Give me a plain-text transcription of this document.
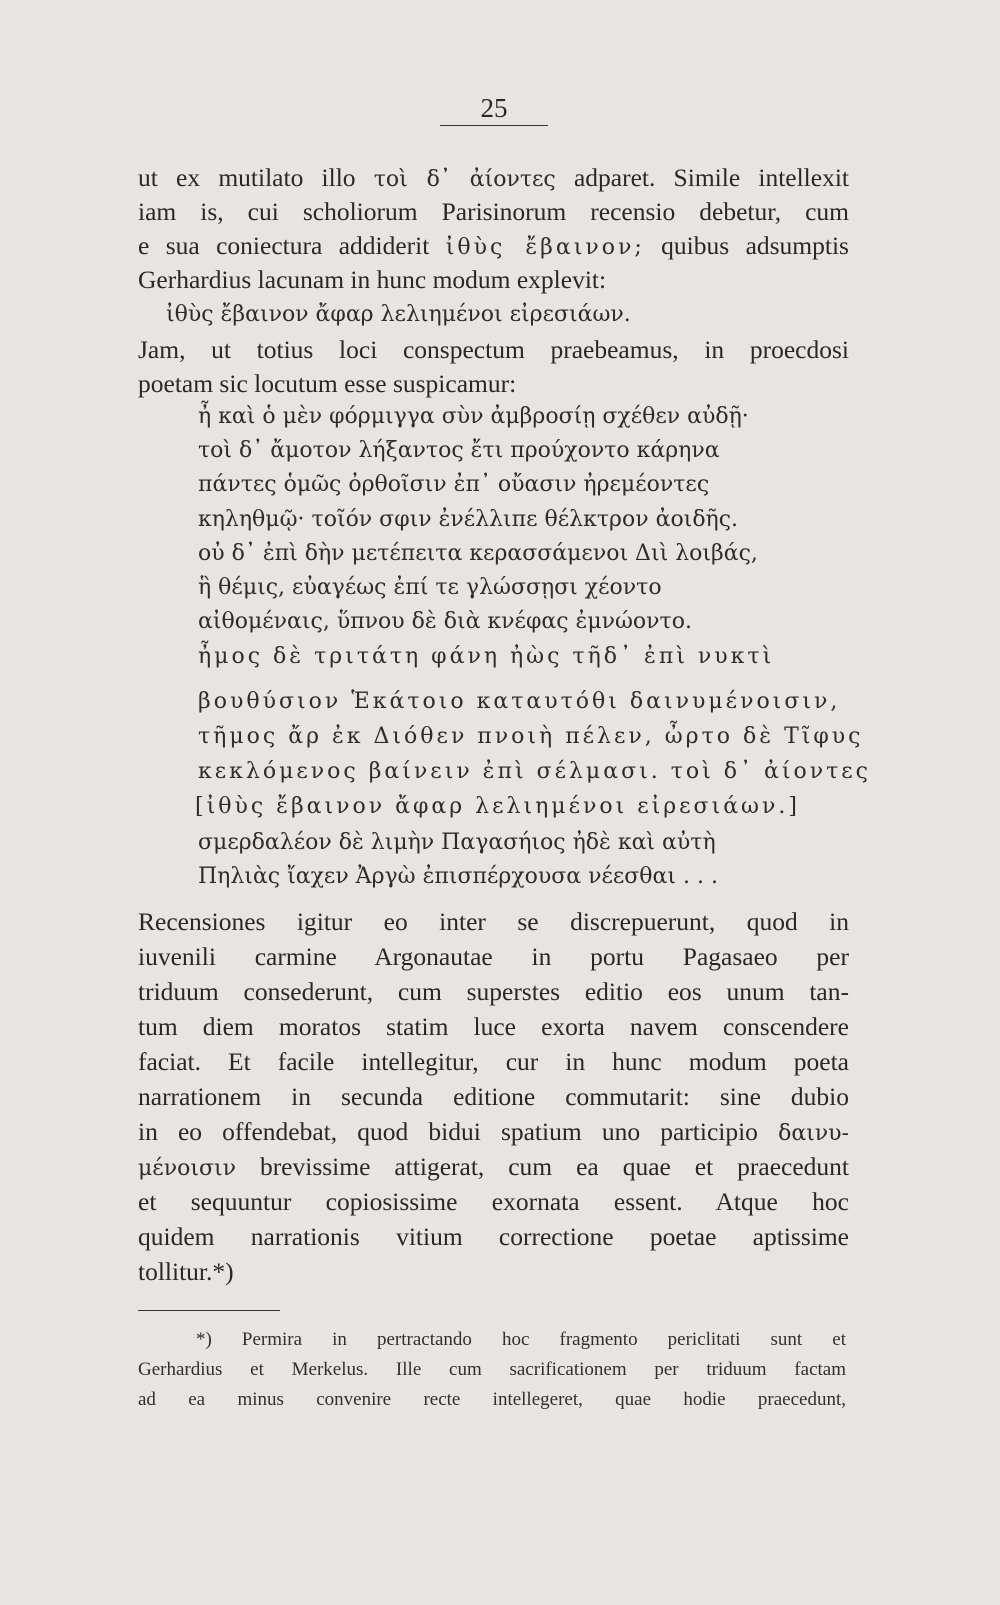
25
ut ex mutilato illo τοὶ δ᾽ ἀίοντες adparet. Simile intellexit
iam is, cui scholiorum Parisinorum recensio debetur, cum
e sua coniectura addiderit ἰθὺς ἔβαινον; quibus adsumptis
Gerhardius lacunam in hunc modum explevit:
ἰθὺς ἔβαινον ἄφαρ λελιημένοι εἰρεσιάων.
Jam, ut totius loci conspectum praebeamus, in proecdosi
poetam sic locutum esse suspicamur:
ἦ καὶ ὁ μὲν φόρμιγγα σὺν ἀμβροσίῃ σχέθεν αὐδῇ·
τοὶ δ᾽ ἄμοτον λήξαντος ἔτι προύχοντο κάρηνα
πάντες ὁμῶς ὀρθοῖσιν ἐπ᾽ οὔασιν ἠρεμέοντες
κηληθμῷ· τοῖόν σφιν ἐνέλλιπε θέλκτρον ἀοιδῆς.
οὐ δ᾽ ἐπὶ δὴν μετέπειτα κερασσάμενοι Διὶ λοιβάς,
ἣ θέμις, εὐαγέως ἐπί τε γλώσσῃσι χέοντο
αἰθομέναις, ὕπνου δὲ διὰ κνέφας ἐμνώοντο.
ἦμος δὲ τριτάτη φάνη ἠὼς τῆδ᾽ ἐπὶ νυκτὶ
βουθύσιον Ἑκάτοιο καταυτόθι δαινυμένοισιν,
τῆμος ἄρ ἐκ Διόθεν πνοιὴ πέλεν, ὦρτο δὲ Τῖφυς
κεκλόμενος βαίνειν ἐπὶ σέλμασι. τοὶ δ᾽ ἀίοντες
[ἰθὺς ἔβαινον ἄφαρ λελιημένοι εἰρεσιάων.]
σμερδαλέον δὲ λιμὴν Παγασήιος ἠδὲ καὶ αὐτὴ
Πηλιὰς ἴαχεν Ἀργὼ ἐπισπέρχουσα νέεσθαι . . .
Recensiones igitur eo inter se discrepuerunt, quod in
iuvenili carmine Argonautae in portu Pagasaeo per
triduum consederunt, cum superstes editio eos unum tan-
tum diem moratos statim luce exorta navem conscendere
faciat. Et facile intellegitur, cur in hunc modum poeta
narrationem in secunda editione commutarit: sine dubio
in eo offendebat, quod bidui spatium uno participio δαινυ-
μένοισιν brevissime attigerat, cum ea quae et praecedunt
et sequuntur copiosissime exornata essent. Atque hoc
quidem narrationis vitium correctione poetae aptissime
tollitur.*)
*) Permira in pertractando hoc fragmento periclitati sunt et
Gerhardius et Merkelus. Ille cum sacrificationem per triduum factam
ad ea minus convenire recte intellegeret, quae hodie praecedunt,
